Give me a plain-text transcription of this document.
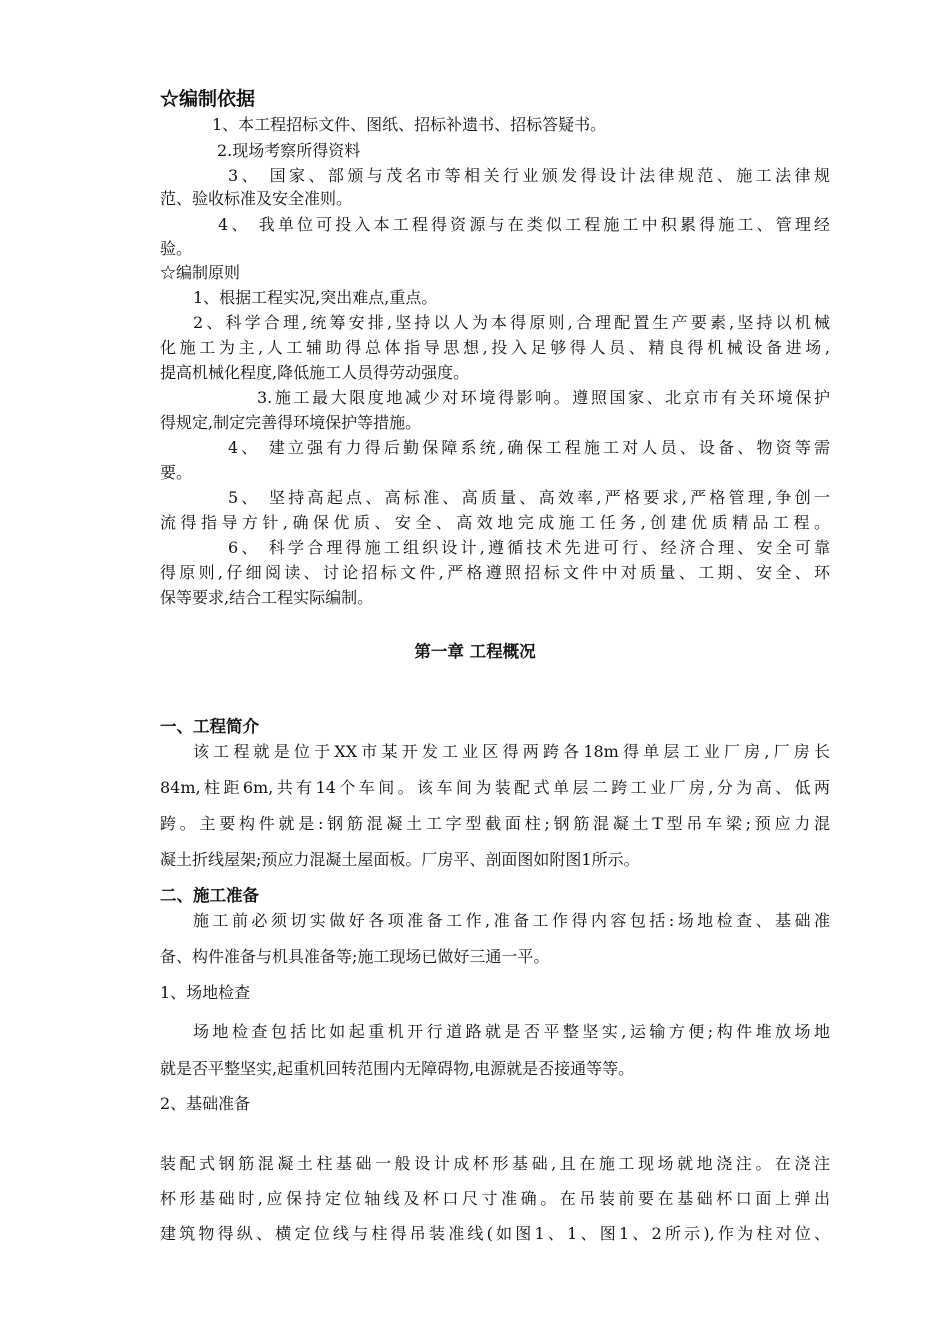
☆编制依据
1、本工程招标文件、图纸、招标补遗书、招标答疑书。
2.现场考察所得资料
3、 国家、部颁与茂名市等相关行业颁发得设计法律规范、施工法律规
范、验收标准及安全准则。
4、 我单位可投入本工程得资源与在类似工程施工中积累得施工、管理经
验。
☆编制原则
1、根据工程实况,突出难点,重点。
2、科学合理,统筹安排,坚持以人为本得原则,合理配置生产要素,坚持以机械
化施工为主,人工辅助得总体指导思想,投入足够得人员、精良得机械设备进场,
提高机械化程度,降低施工人员得劳动强度。
3.施工最大限度地减少对环境得影响。遵照国家、北京市有关环境保护
得规定,制定完善得环境保护等措施。
4、 建立强有力得后勤保障系统,确保工程施工对人员、设备、物资等需
要。
5、 坚持高起点、高标准、高质量、高效率,严格要求,严格管理,争创一
流得指导方针,确保优质、安全、高效地完成施工任务,创建优质精品工程。
6、 科学合理得施工组织设计,遵循技术先进可行、经济合理、安全可靠
得原则,仔细阅读、讨论招标文件,严格遵照招标文件中对质量、工期、安全、环
保等要求,结合工程实际编制。
第一章 工程概况
一、工程简介
该工程就是位于XX市某开发工业区得两跨各18m得单层工业厂房,厂房长
84m,柱距6m,共有14个车间。该车间为装配式单层二跨工业厂房,分为高、低两
跨。主要构件就是:钢筋混凝土工字型截面柱;钢筋混凝土T型吊车梁;预应力混
凝土折线屋架;预应力混凝土屋面板。厂房平、剖面图如附图1所示。
二、施工准备
施工前必须切实做好各项准备工作,准备工作得内容包括:场地检查、基础准
备、构件准备与机具准备等;施工现场已做好三通一平。
1、场地检查
场地检查包括比如起重机开行道路就是否平整坚实,运输方便;构件堆放场地
就是否平整坚实,起重机回转范围内无障碍物,电源就是否接通等等。
2、基础准备
装配式钢筋混凝土柱基础一般设计成杯形基础,且在施工现场就地浇注。在浇注
杯形基础时,应保持定位轴线及杯口尺寸准确。在吊装前要在基础杯口面上弹出
建筑物得纵、横定位线与柱得吊装准线(如图1、1、图1、2所示),作为柱对位、
